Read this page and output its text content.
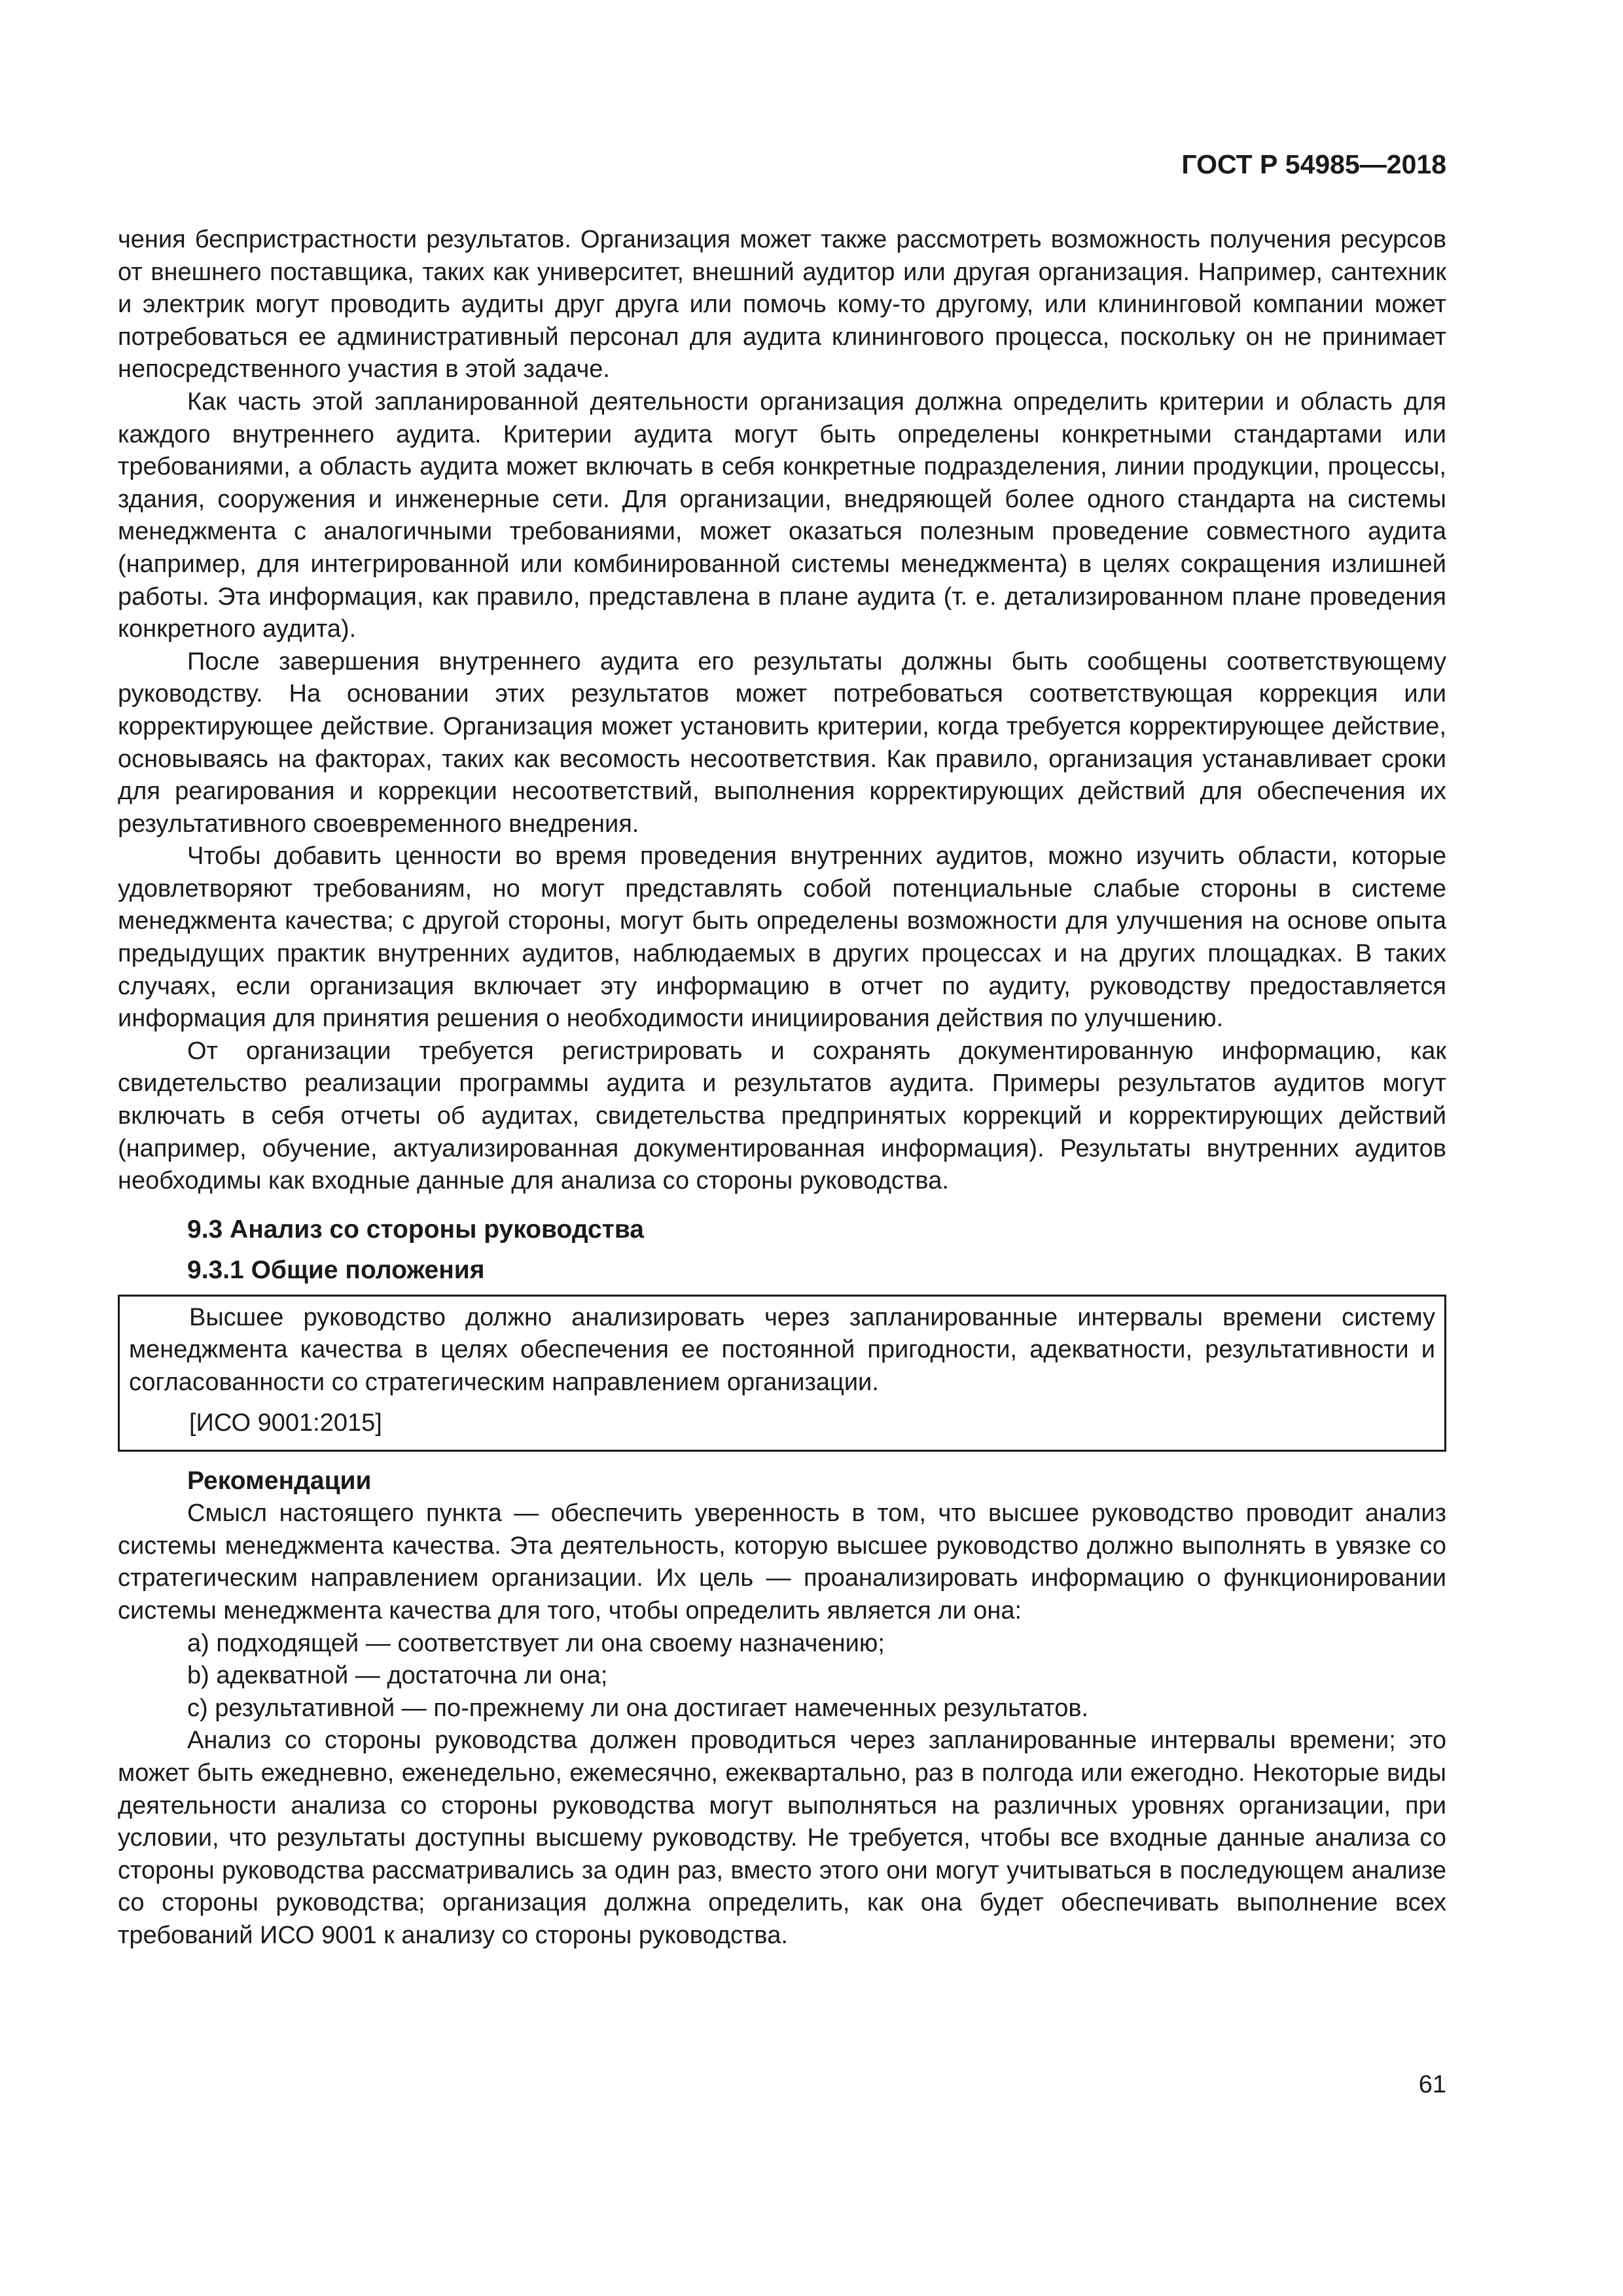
ГОСТ Р 54985—2018

чения беспристрастности результатов. Организация может также рассмотреть возможность получения ресурсов от внешнего поставщика, таких как университет, внешний аудитор или другая организация. Например, сантехник и электрик могут проводить аудиты друг друга или помочь кому-то другому, или клининговой компании может потребоваться ее административный персонал для аудита клинингового процесса, поскольку он не принимает непосредственного участия в этой задаче.

Как часть этой запланированной деятельности организация должна определить критерии и область для каждого внутреннего аудита. Критерии аудита могут быть определены конкретными стандартами или требованиями, а область аудита может включать в себя конкретные подразделения, линии продукции, процессы, здания, сооружения и инженерные сети. Для организации, внедряющей более одного стандарта на системы менеджмента с аналогичными требованиями, может оказаться полезным проведение совместного аудита (например, для интегрированной или комбинированной системы менеджмента) в целях сокращения излишней работы. Эта информация, как правило, представлена в плане аудита (т. е. детализированном плане проведения конкретного аудита).

После завершения внутреннего аудита его результаты должны быть сообщены соответствующему руководству. На основании этих результатов может потребоваться соответствующая коррекция или корректирующее действие. Организация может установить критерии, когда требуется корректирующее действие, основываясь на факторах, таких как весомость несоответствия. Как правило, организация устанавливает сроки для реагирования и коррекции несоответствий, выполнения корректирующих действий для обеспечения их результативного своевременного внедрения.

Чтобы добавить ценности во время проведения внутренних аудитов, можно изучить области, которые удовлетворяют требованиям, но могут представлять собой потенциальные слабые стороны в системе менеджмента качества; с другой стороны, могут быть определены возможности для улучшения на основе опыта предыдущих практик внутренних аудитов, наблюдаемых в других процессах и на других площадках. В таких случаях, если организация включает эту информацию в отчет по аудиту, руководству предоставляется информация для принятия решения о необходимости инициирования действия по улучшению.

От организации требуется регистрировать и сохранять документированную информацию, как свидетельство реализации программы аудита и результатов аудита. Примеры результатов аудитов могут включать в себя отчеты об аудитах, свидетельства предпринятых коррекций и корректирующих действий (например, обучение, актуализированная документированная информация). Результаты внутренних аудитов необходимы как входные данные для анализа со стороны руководства.

9.3 Анализ со стороны руководства

9.3.1 Общие положения

Высшее руководство должно анализировать через запланированные интервалы времени систему менеджмента качества в целях обеспечения ее постоянной пригодности, адекватности, результативности и согласованности со стратегическим направлением организации.

[ИСО 9001:2015]

Рекомендации

Смысл настоящего пункта — обеспечить уверенность в том, что высшее руководство проводит анализ системы менеджмента качества. Эта деятельность, которую высшее руководство должно выполнять в увязке со стратегическим направлением организации. Их цель — проанализировать информацию о функционировании системы менеджмента качества для того, чтобы определить является ли она:

a) подходящей — соответствует ли она своему назначению;

b) адекватной — достаточна ли она;

c) результативной — по-прежнему ли она достигает намеченных результатов.

Анализ со стороны руководства должен проводиться через запланированные интервалы времени; это может быть ежедневно, еженедельно, ежемесячно, ежеквартально, раз в полгода или ежегодно. Некоторые виды деятельности анализа со стороны руководства могут выполняться на различных уровнях организации, при условии, что результаты доступны высшему руководству. Не требуется, чтобы все входные данные анализа со стороны руководства рассматривались за один раз, вместо этого они могут учитываться в последующем анализе со стороны руководства; организация должна определить, как она будет обеспечивать выполнение всех требований ИСО 9001 к анализу со стороны руководства.

61
